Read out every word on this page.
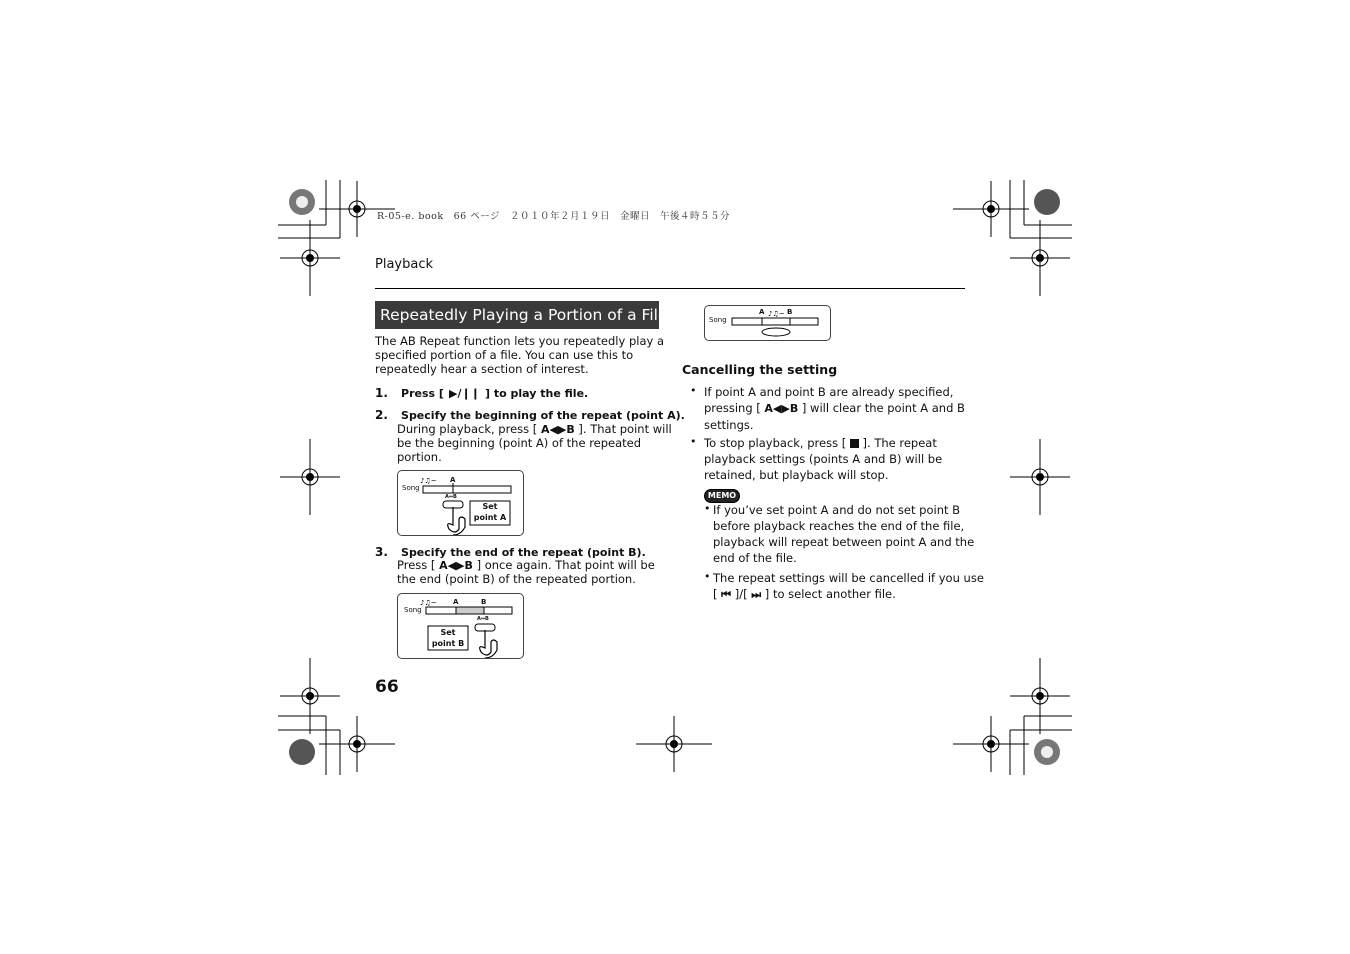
R-05-e. book　66 ページ　２０１０年２月１９日　金曜日　午後４時５５分
Playback
Repeatedly Playing a Portion of a File
The AB Repeat function lets you repeatedly play a
specified portion of a file. You can use this to
repeatedly hear a section of interest.
1. Press [ ▶/❙❙ ] to play the file.
2. Specify the beginning of the repeat (point A).
During playback, press [ A◀▶B ]. That point will
be the beginning (point A) of the repeated
portion.
♪♫~
Song
A
A↔B
Set
point A
3. Specify the end of the repeat (point B).
Press [ A◀▶B ] once again. That point will be
the end (point B) of the repeated portion.
♪♫~
Song
A	B
A↔B
Set
point B
♪♫~
Song
A	B
Cancelling the setting
• If point A and point B are already specified,
pressing [ A◀▶B ] will clear the point A and B
settings.
• To stop playback, press [ ]. The repeat
playback settings (points A and B) will be
retained, but playback will stop.
MEMO
• If you’ve set point A and do not set point B
before playback reaches the end of the file,
playback will repeat between point A and the
end of the file.
• The repeat settings will be cancelled if you use
[ ⏮ ]/[ ⏭ ] to select another file.
66
